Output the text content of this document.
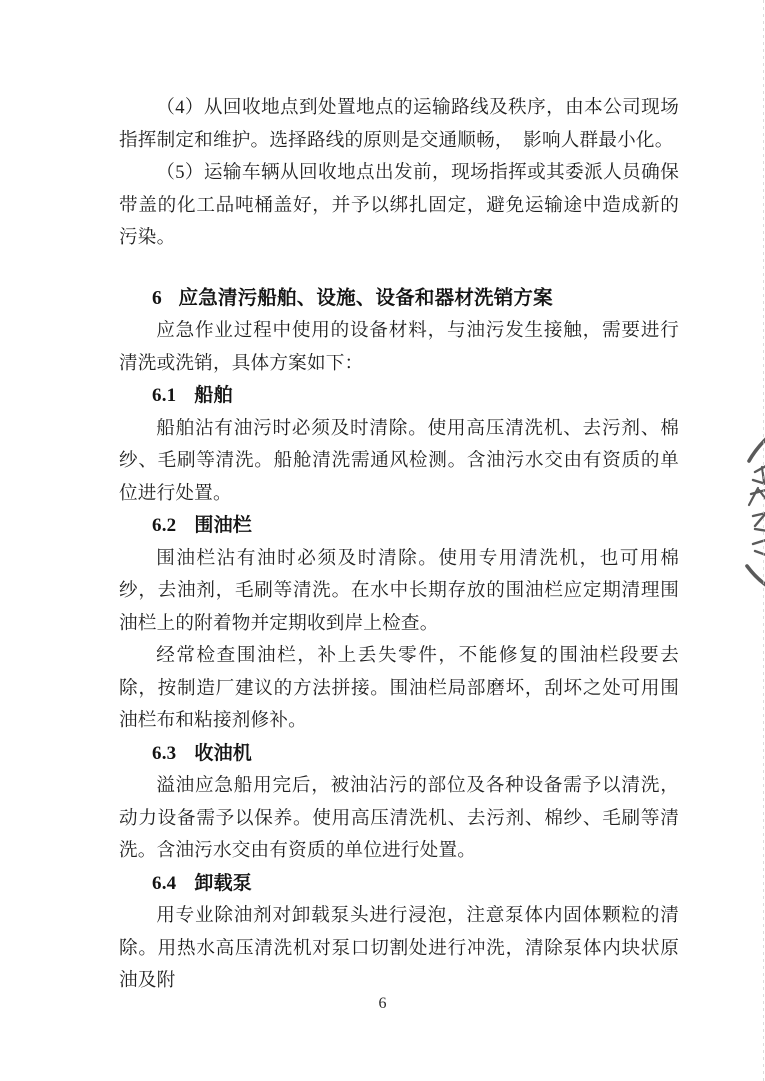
（4）从回收地点到处置地点的运输路线及秩序，由本公司现场指挥制定和维护。选择路线的原则是交通顺畅，　影响人群最小化。

（5）运输车辆从回收地点出发前，现场指挥或其委派人员确保带盖的化工品吨桶盖好，并予以绑扎固定，避免运输途中造成新的污染。

6 应急清污船舶、设施、设备和器材洗销方案

应急作业过程中使用的设备材料，与油污发生接触，需要进行清洗或洗销，具体方案如下：

6.1 船舶

船舶沾有油污时必须及时清除。使用高压清洗机、去污剂、棉纱、毛刷等清洗。船舱清洗需通风检测。含油污水交由有资质的单位进行处置。

6.2 围油栏

围油栏沾有油时必须及时清除。使用专用清洗机，也可用棉纱，去油剂，毛刷等清洗。在水中长期存放的围油栏应定期清理围油栏上的附着物并定期收到岸上检查。

经常检查围油栏，补上丢失零件，不能修复的围油栏段要去除，按制造厂建议的方法拼接。围油栏局部磨坏，刮坏之处可用围油栏布和粘接剂修补。

6.3 收油机

溢油应急船用完后，被油沾污的部位及各种设备需予以清洗，动力设备需予以保养。使用高压清洗机、去污剂、棉纱、毛刷等清洗。含油污水交由有资质的单位进行处置。

6.4 卸载泵

用专业除油剂对卸载泵头进行浸泡，注意泵体内固体颗粒的清除。用热水高压清洗机对泵口切割处进行冲洗，清除泵体内块状原油及附

6
